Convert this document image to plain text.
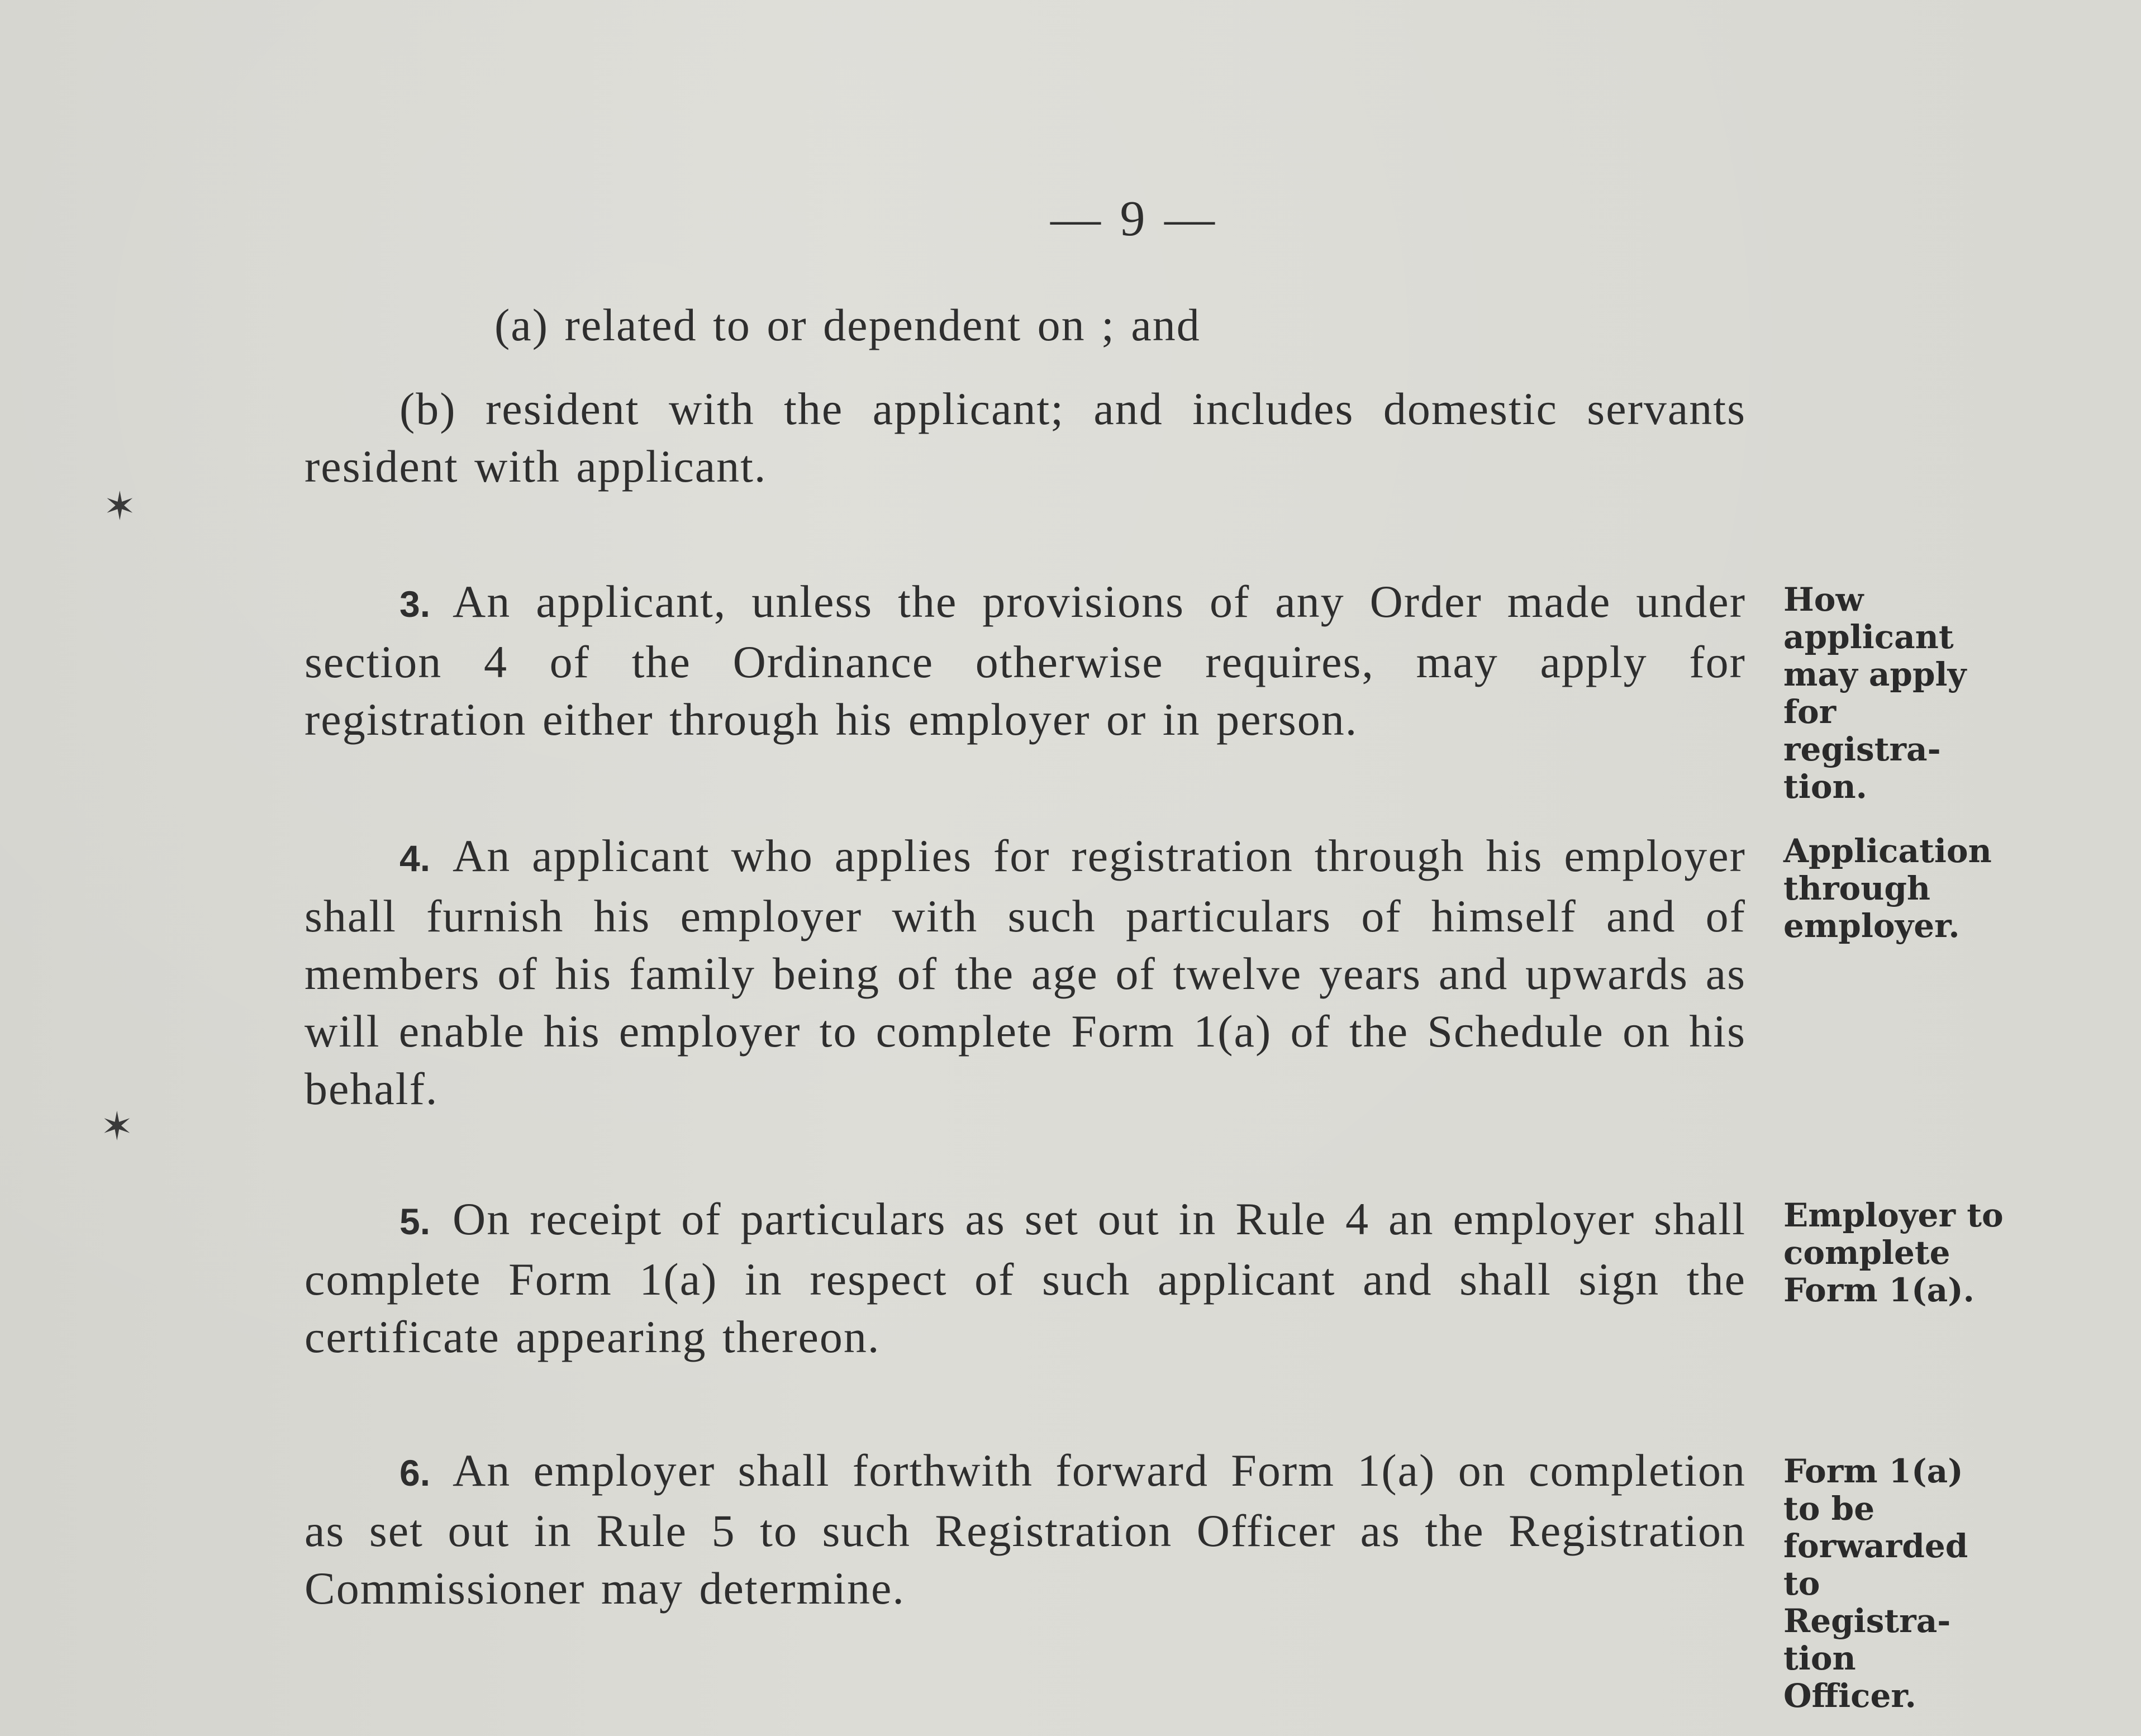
— 9 —
(a) related to or dependent on ; and
(b) resident with the applicant; and includes domestic servants resident with applicant.
3. An applicant, unless the provisions of any Order made under section 4 of the Ordinance otherwise requires, may apply for registration either through his employer or in person.
How applicant may apply for registra-tion.
4. An applicant who applies for registration through his employer shall furnish his employer with such particulars of himself and of members of his family being of the age of twelve years and upwards as will enable his employer to complete Form 1(a) of the Schedule on his behalf.
Application through employer.
5. On receipt of particulars as set out in Rule 4 an employer shall complete Form 1(a) in respect of such applicant and shall sign the certificate appearing thereon.
Employer to complete Form 1(a).
6. An employer shall forthwith forward Form 1(a) on completion as set out in Rule 5 to such Registration Officer as the Registration Commissioner may determine.
Form 1(a) to be forwarded to Registra-tion Officer.
✶
✶
